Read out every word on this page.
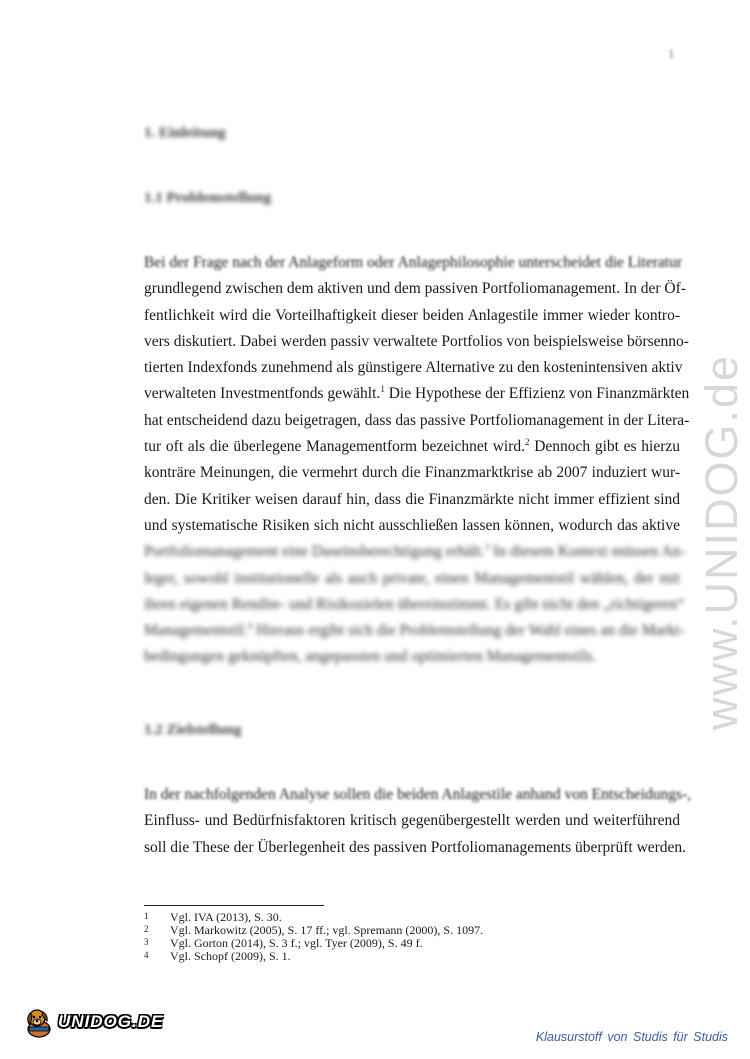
1
1. Einleitung
1.1 Problemstellung
Bei der Frage nach der Anlageform oder Anlagephilosophie unterscheidet die Literatur
grundlegend zwischen dem aktiven und dem passiven Portfoliomanagement. In der Öf-
fentlichkeit wird die Vorteilhaftigkeit dieser beiden Anlagestile immer wieder kontro-
vers diskutiert. Dabei werden passiv verwaltete Portfolios von beispielsweise börsenno-
tierten Indexfonds zunehmend als günstigere Alternative zu den kostenintensiven aktiv
verwalteten Investmentfonds gewählt.$^1$ Die Hypothese der Effizienz von Finanzmärkten
hat entscheidend dazu beigetragen, dass das passive Portfoliomanagement in der Litera-
tur oft als die überlegene Managementform bezeichnet wird.$^2$ Dennoch gibt es hierzu
konträre Meinungen, die vermehrt durch die Finanzmarktkrise ab 2007 induziert wur-
den. Die Kritiker weisen darauf hin, dass die Finanzmärkte nicht immer effizient sind
und systematische Risiken sich nicht ausschließen lassen können, wodurch das aktive
Portfoliomanagement eine Daseinsberechtigung erhält.$^3$ In diesem Kontext müssen An-
leger, sowohl institutionelle als auch private, einen Managementstil wählen, der mit
ihren eigenen Rendite- und Risikozielen übereinstimmt. Es gibt nicht den „richtigeren“
Managementstil.$^4$ Hieraus ergibt sich die Problemstellung der Wahl eines an die Markt-
bedingungen geknüpften, angepassten und optimierten Managementstils.
1.2 Zielstellung
In der nachfolgenden Analyse sollen die beiden Anlagestile anhand von Entscheidungs-,
Einfluss- und Bedürfnisfaktoren kritisch gegenübergestellt werden und weiterführend
soll die These der Überlegenheit des passiven Portfoliomanagements überprüft werden.
1 Vgl. IVA (2013), S. 30.
2 Vgl. Markowitz (2005), S. 17 ff.; vgl. Spremann (2000), S. 1097.
3 Vgl. Gorton (2014), S. 3 f.; vgl. Tyer (2009), S. 49 f.
4 Vgl. Schopf (2009), S. 1.
www.UNIDOG.de
UNIDOG.DE
Klausurstoff von Studis für Studis
